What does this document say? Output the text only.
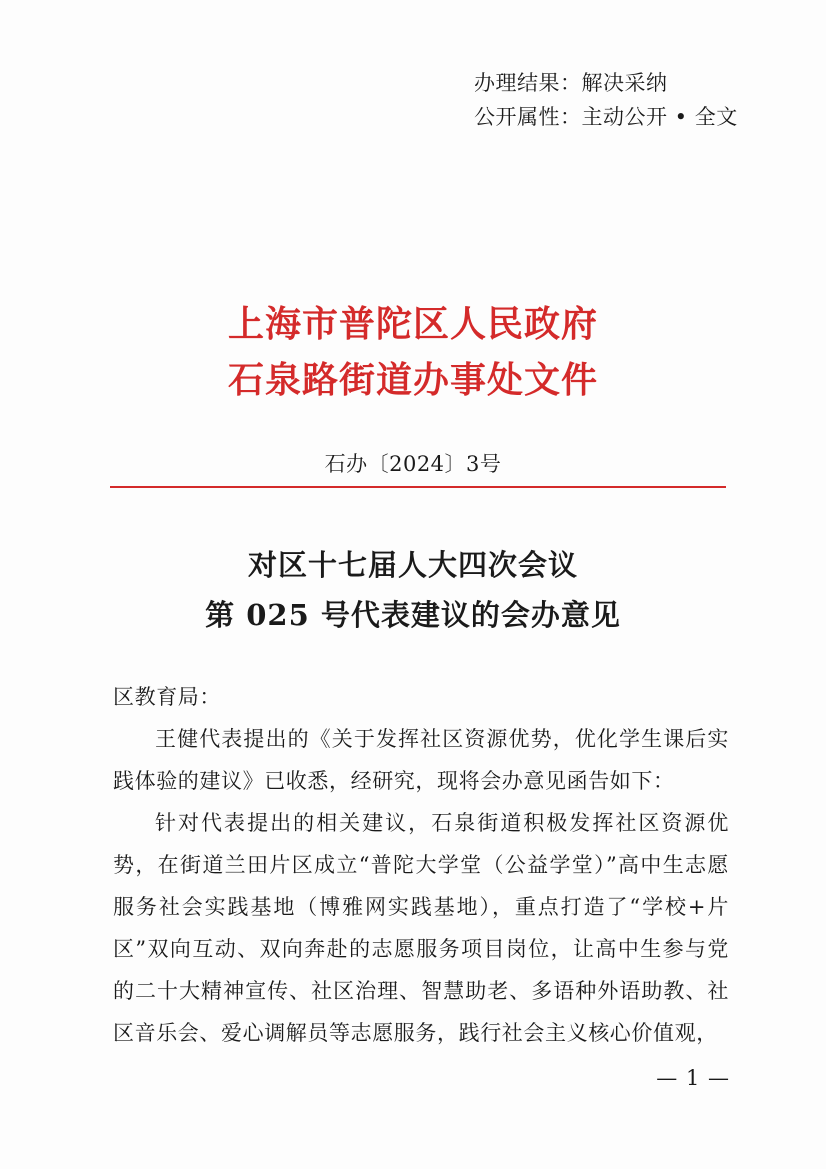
办理结果：解决采纳
公开属性：主动公开 • 全文
上海市普陀区人民政府
石泉路街道办事处文件
石办〔2024〕3号
对区十七届人大四次会议
第 025 号代表建议的会办意见

区教育局：

王健代表提出的《关于发挥社区资源优势，优化学生课后实践体验的建议》已收悉，经研究，现将会办意见函告如下：

针对代表提出的相关建议，石泉街道积极发挥社区资源优势，在街道兰田片区成立“普陀大学堂（公益学堂）”高中生志愿服务社会实践基地（博雅网实践基地），重点打造了“学校+片区”双向互动、双向奔赴的志愿服务项目岗位，让高中生参与党的二十大精神宣传、社区治理、智慧助老、多语种外语助教、社区音乐会、爱心调解员等志愿服务，践行社会主义核心价值观，

— 1 —
